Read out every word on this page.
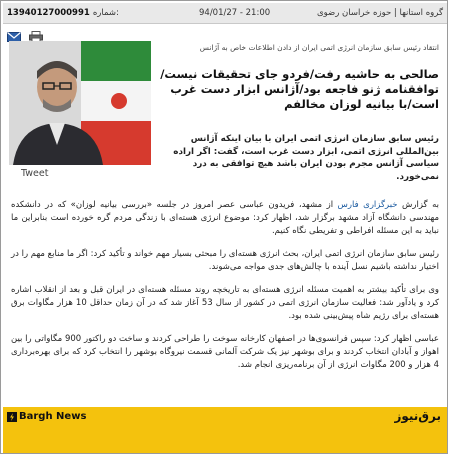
13940127000991 شماره:	94/01/27 - 21:00	گروه استانها | حوزه خراسان رضوی
انتقاد رئیس سابق سازمان انرژی اتمی ایران از دادن اطلاعات خاص به آژانس
صالحی به حاشیه رفت/فردو جای تحقیقات نیست/توافقنامه ژنو فاجعه بود/آژانس ابزار دست غرب است/با بیانیه لوزان مخالفم
رئیس سابق سازمان انرژی اتمی ایران با بیان اینکه آژانس بین‌المللی انرژی اتمی، ابزار دست غرب است، گفت: اگر اراده سیاسی آژانس مجرم بودن ایران باشد هیچ توافقی به درد نمی‌خورد.
Tweet

به گزارش خبرگزاری فارس از مشهد، فریدون عباسی عصر امروز در جلسه «بررسی بیانیه لوزان» که در دانشکده مهندسی دانشگاه آزاد مشهد برگزار شد، اظهار کرد: موضوع انرژی هسته‌ای با زندگی مردم گره خورده است بنابراین ما نباید به این مسئله افراطی و تفریطی نگاه کنیم.

رئیس سابق سازمان انرژی اتمی ایران، بحث انرژی هسته‌ای را مبحثی بسیار مهم خواند و تأکید کرد: اگر ما منابع مهم را در اختیار نداشته باشیم نسل آینده با چالش‌های جدی مواجه می‌شوند.

وی برای تأکید بیشتر به اهمیت مسئله انرژی هسته‌ای به تاریخچه روند مسئله هسته‌ای در ایران قبل و بعد از انقلاب اشاره کرد و یادآور شد: فعالیت سازمان انرژی اتمی در کشور از سال 53 آغاز شد که در آن زمان حداقل 10 هزار مگاوات برق هسته‌ای برای رژیم شاه پیش‌بینی شده بود.

عباسی اظهار کرد: سپس فرانسوی‌ها در اصفهان کارخانه سوخت را طراحی کردند و ساخت دو راکتور 900 مگاواتی را بین اهواز و آبادان انتخاب کردند و برای بوشهر نیز یک شرکت آلمانی قسمت نیروگاه بوشهر را انتخاب کرد که برای بهره‌برداری 4 هزار و 200 مگاوات انرژی از آن برنامه‌ریزی انجام شد.

Bargh News	برق‌نیوز
